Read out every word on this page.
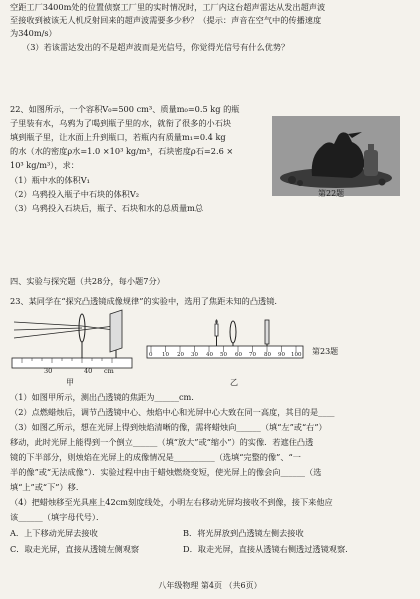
空距工厂3400m处的位置侦察工厂里的实时情况时，工厂内这台超声雷达从发出超声波
至接收到被该无人机反射回来的超声波需要多少秒？（提示：声音在空气中的传播速度
为340m/s）
（3）若该雷达发出的不是超声波而是光信号，你觉得光信号有什么优势？
22、如图所示，一个容积V₀=500 cm³、质量m₀=0.5 kg 的瓶
子里装有水，乌鸦为了喝到瓶子里的水，就衔了很多的小石块
填到瓶子里，让水面上升到瓶口，若瓶内有质量m₁=0.4 kg
的水（水的密度ρ水=1.0 ×10³ kg/m³，石块密度ρ石=2.6 ×
10³ kg/m³），求：
（1）瓶中水的体积V₁
（2）乌鸦投入瓶子中石块的体积V₂
（3）乌鸦投入石块后，瓶子、石块和水的总质量m总
第22题
四、实验与探究题（共28分，每小题7分）
23、某同学在“探究凸透镜成像规律”的实验中，选用了焦距未知的凸透镜.
30	40 cm
甲
0 10 20 30 40 50 60 70 80 90 100 第23题
乙
（1）如图甲所示，测出凸透镜的焦距为______cm.
（2）点燃蜡烛后，调节凸透镜中心、烛焰中心和光屏中心大致在同一高度，其目的是____
（3）如图乙所示，想在光屏上得到烛焰清晰的像，需将蜡烛向______（填“左”或“右”）
移动，此时光屏上能得到一个倒立______（填“放大”或“缩小”）的实像．若遮住凸透
镜的下半部分，则烛焰在光屏上的成像情况是__________（选填“完整的像”、“一
半的像”或“无法成像”）．实验过程中由于蜡烛燃烧变短，使光屏上的像会向______（选
填“上”或“下”）移．
（4）把蜡烛移至光具座上42cm刻度线处，小明左右移动光屏均接收不到像，接下来他应
该______（填字母代号）．
A．上下移动光屏去接收	B．将光屏放到凸透镜左侧去接收
C．取走光屏，直接从透镜左侧观察	D．取走光屏，直接从透镜右侧透过透镜观察.
八年级物理 第4页 （共6页）
